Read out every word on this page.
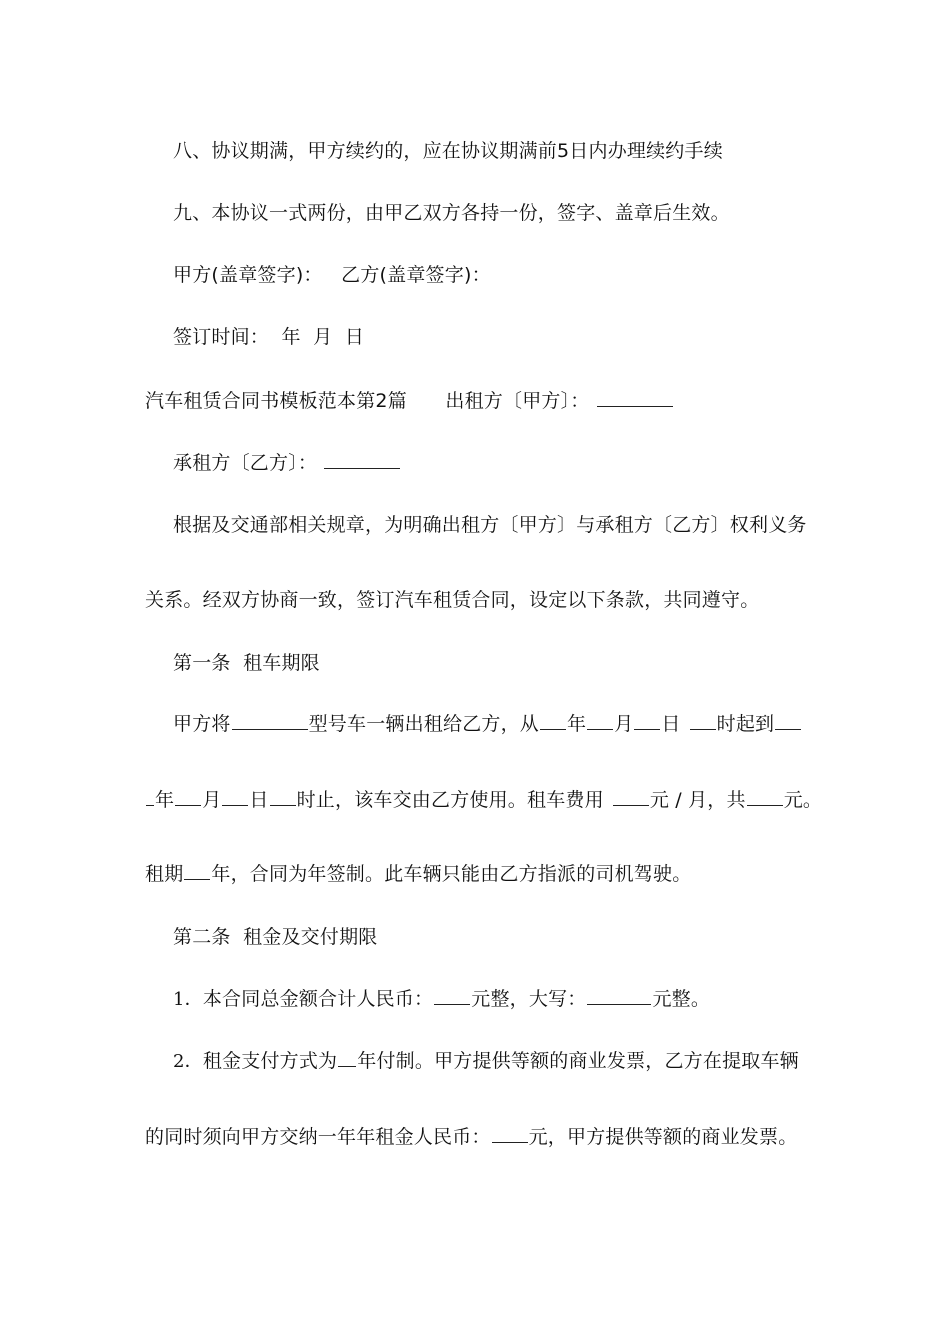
八、协议期满，甲方续约的，应在协议期满前5日内办理续约手续
九、本协议一式两份，由甲乙双方各持一份，签字、盖章后生效。
甲方(盖章签字)： 乙方(盖章签字)：
签订时间：  年  月  日
汽车租赁合同书模板范本第2篇 出租方〔甲方〕：
承租方〔乙方〕：
根据及交通部相关规章，为明确出租方〔甲方〕与承租方〔乙方〕权利义务
关系。经双方协商一致，签订汽车租赁合同，设定以下条款，共同遵守。
第一条  租车期限
甲方将	型号车一辆出租给乙方，从 年 月 日 时起到
年 月 日 时止，该车交由乙方使用。租车费用 元 / 月，共 元。
租期 年，合同为年签制。此车辆只能由乙方指派的司机驾驶。
第二条  租金及交付期限
1．本合同总金额合计人民币： 元整，大写：	元整。
2．租金支付方式为 年付制。甲方提供等额的商业发票，乙方在提取车辆
的同时须向甲方交纳一年年租金人民币： 元，甲方提供等额的商业发票。
